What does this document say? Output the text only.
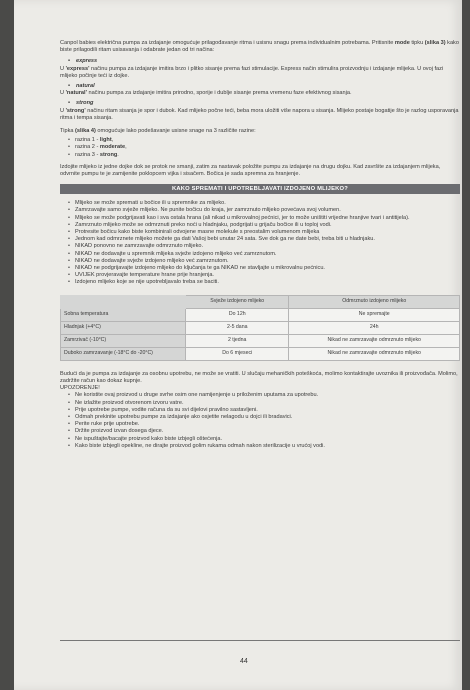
Canpol babies električna pumpa za izdajanje omogućuje prilagođavanje ritma i usisnu snagu prema individualnim potrebama. Pritisnite mode tipku (slika 3) kako biste prilagodili ritam usisavanja i odabrate jedan od tri načina:

• express

U 'express' načinu pumpa za izdajanje imitira brzo i plitko sisanje prema fazi stimulacije. Express način stimulira proizvodnju i izdajanje mlijeka. U ovoj fazi mlijeko počinje teći iz dojke.

• natural

U 'natural' načinu pumpa za izdajanje imitira prirodno, sporije i dublje sisanje prema vremenu faze efektivnog sisanja.

• strong

U 'strong' načinu ritam sisanja je spor i dubok. Kad mlijeko počne teći, beba mora uložiti više napora u sisanja. Mlijeko postaje bogatije što je razlog usporavanja ritma i tempa sisanja.

Tipka (slika 4) omogućuje lako podešavanje usisne snage na 3 različite razine:

• razina 1 - light,
• razina 2 - moderate,
• razina 3 - strong.

Izdojite mlijeko iz jedne dojke dok se protok ne smanji, zatim za nastavak položite pumpu za izdajanje na drugu dojku. Kad završite za izdajanjem mlijeka, odvrnite pumpu te je zamijenite poklopcem vijka i sisačem. Bočica je sada spremna za hranjenje.

KAKO SPREMATI I UPOTREBLJAVATI IZDOJENO MLIJEKO?
• Mlijeko se može spremati u bočice ili u spremnike za mlijeko.
• Zamrzavajte samo svježe mlijeko. Ne punite bočicu do kraja, jer zamrznuto mlijeko povećava svoj volumen.
• Mlijeko se može podgrijavati kao i sva ostala hrana (ali nikad u mikrovalnoj pećnici, jer to može uništiti vrijedne hranjive tvari i antitijela).
• Zamrznuto mlijeko može se odmrznuti preko noći u hladnjaku, podgrijati u grijaču bočice ili u toploj vodi.
• Protresite bočicu kako biste kombinirali odvojene masne molekule s preostalim volumenom mlijeka
• Jednom kad odmrznete mlijeko možete ga dati Vašoj bebi unutar 24 sata. Sve dok ga ne date bebi, treba biti u hladnjaku.
• NIKAD ponovno ne zamrzavajte odmrznuto mlijeko.
• NIKAD ne dodavajte u spremnik mlijeka svježe izdojeno mlijeko već zamrznutom.
• NIKAD ne dodavajte svježe izdojeno mlijeko već zamrznutom.
• NIKAD ne podgrijavajte izdojeno mlijeko do ključanja te ga NIKAD ne stavljajte u mikrovalnu pećnicu.
• UVIJEK provjeravajte temperature hrane prije hranjenja.
• Izdojeno mlijeko koje se nije upotrebljavalo treba se baciti.
	Svježe izdojeno mlijeko	Odmrznuto izdojeno mlijeko
Sobna temperatura	Do 12h	Ne spremajte
Hladnjak (+4°C)	2-5 dana	24h
Zamrzivač (-10°C)	2 tjedna	Nikad ne zamrzavajte odmrznuto mlijeko
Duboko zamrzavanje (-18°C do -20°C)	Do 6 mjeseci	Nikad ne zamrzavajte odmrznuto mlijeko

Budući da je pumpa za izdajanje za osobnu upotrebu, ne može se vratiti. U slučaju mehaničkih poteškoća, molimo kontaktirajte uvoznika ili proizvođača. Molimo, zadržite račun kao dokaz kupnje.

UPOZORENJE!

• Ne koristite ovaj proizvod u druge svrhe osim one namijenjenje u priloženim uputama za upotrebu.
• Ne izlažite proizvod otvorenom izvoru vatre.
• Prije upotrebe pumpe, vodite računa da su svi dijelovi pravilno sastavljeni.
• Odmah prekinite upotrebu pumpe za izdajanje ako osjetite nelagodu u dojci ili bradavici.
• Perite ruke prije upotrebe.
• Držite proizvod izvan dosega djece.
• Ne ispuštajte/bacajte proizvod kako biste izbjegli oštećenja.
• Kako biste izbjegli opekline, ne dirajte proizvod golim rukama odmah nakon sterilizacije u vrućoj vodi.
44
